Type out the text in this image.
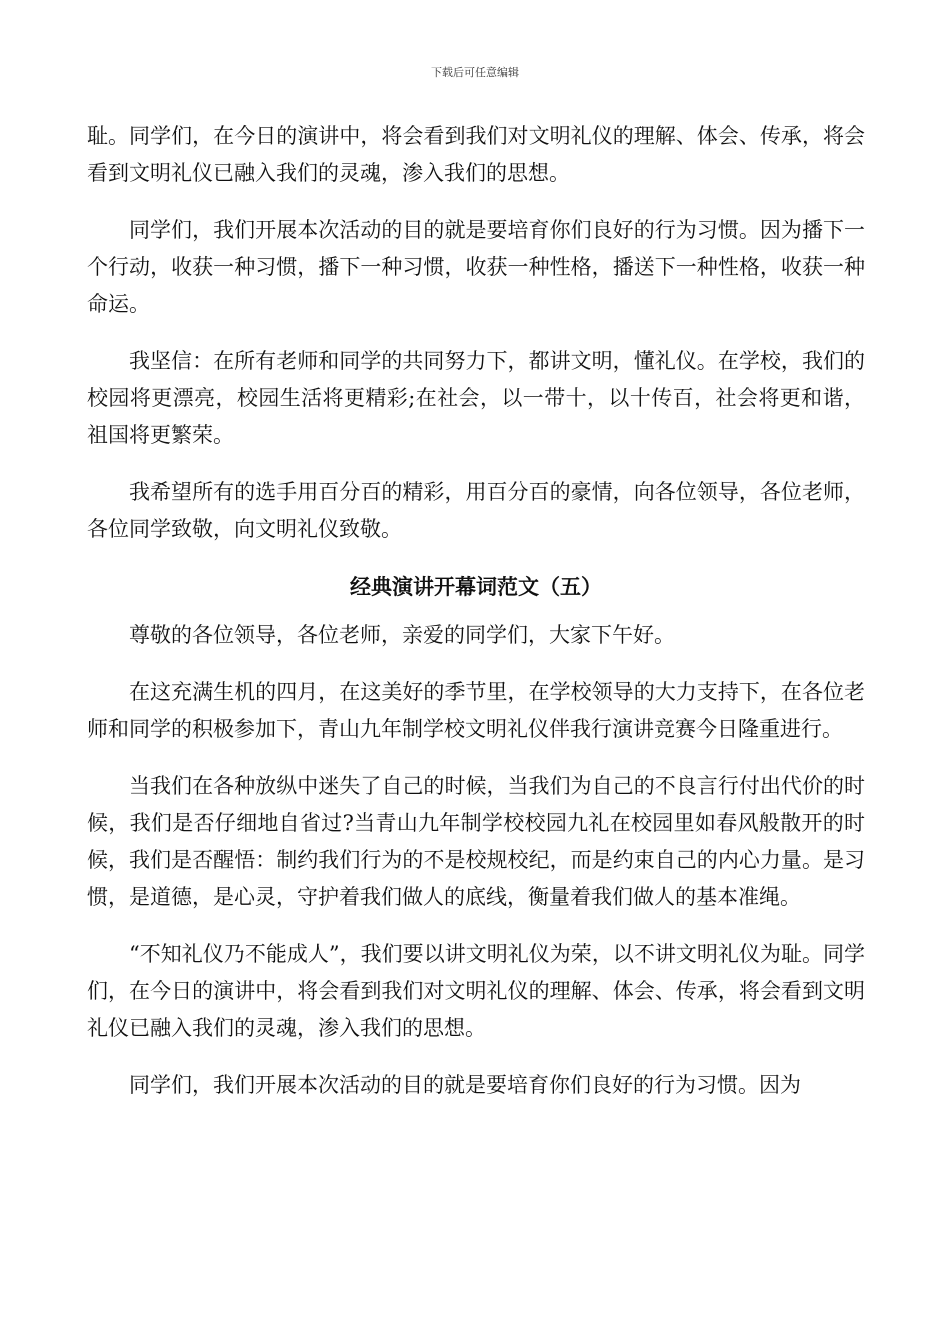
下载后可任意编辑

耻。同学们，在今日的演讲中，将会看到我们对文明礼仪的理解、体会、传承，将会看到文明礼仪已融入我们的灵魂，渗入我们的思想。

同学们，我们开展本次活动的目的就是要培育你们良好的行为习惯。因为播下一个行动，收获一种习惯，播下一种习惯，收获一种性格，播送下一种性格，收获一种命运。

我坚信：在所有老师和同学的共同努力下，都讲文明，懂礼仪。在学校，我们的校园将更漂亮，校园生活将更精彩;在社会，以一带十，以十传百，社会将更和谐，祖国将更繁荣。

我希望所有的选手用百分百的精彩，用百分百的豪情，向各位领导，各位老师，各位同学致敬，向文明礼仪致敬。

经典演讲开幕词范文（五）

尊敬的各位领导，各位老师，亲爱的同学们，大家下午好。

在这充满生机的四月，在这美好的季节里，在学校领导的大力支持下，在各位老师和同学的积极参加下，青山九年制学校文明礼仪伴我行演讲竞赛今日隆重进行。

当我们在各种放纵中迷失了自己的时候，当我们为自己的不良言行付出代价的时候，我们是否仔细地自省过?当青山九年制学校校园九礼在校园里如春风般散开的时候，我们是否醒悟：制约我们行为的不是校规校纪，而是约束自己的内心力量。是习惯，是道德，是心灵，守护着我们做人的底线，衡量着我们做人的基本准绳。

“不知礼仪乃不能成人”，我们要以讲文明礼仪为荣，以不讲文明礼仪为耻。同学们，在今日的演讲中，将会看到我们对文明礼仪的理解、体会、传承，将会看到文明礼仪已融入我们的灵魂，渗入我们的思想。

同学们，我们开展本次活动的目的就是要培育你们良好的行为习惯。因为
